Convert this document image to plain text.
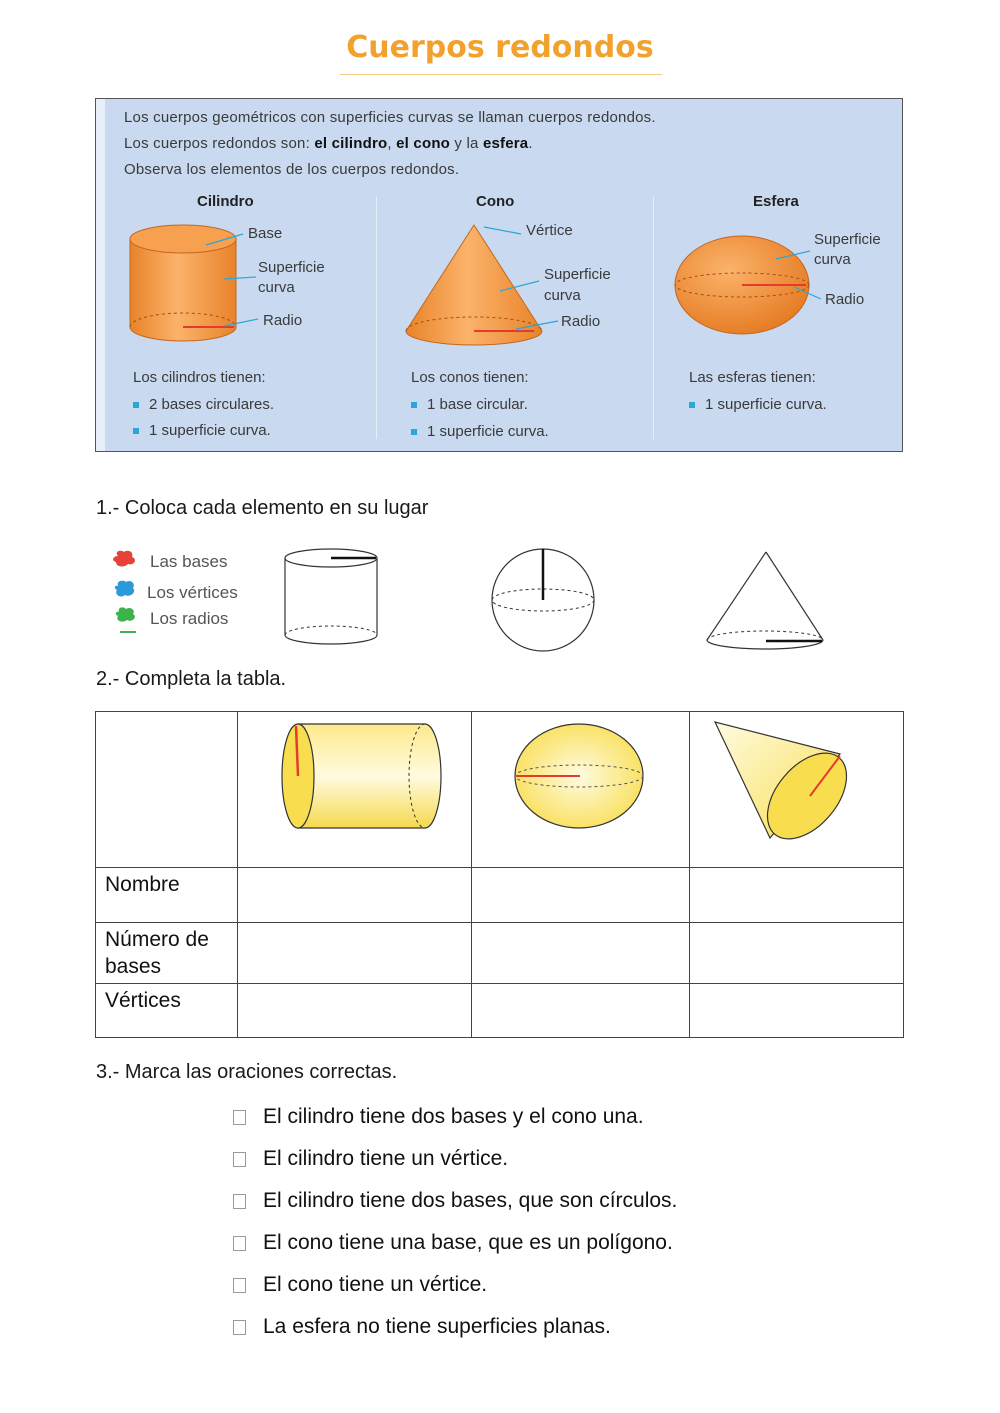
Cuerpos redondos
Los cuerpos geométricos con superficies curvas se llaman cuerpos redondos.
Los cuerpos redondos son: el cilindro, el cono y la esfera.
Observa los elementos de los cuerpos redondos.
Cilindro	Cono	Esfera
Base
Superficie
curva
Radio
Vértice
Superficie
curva
Radio
Superficie
curva
Radio
Los cilindros tienen:
2 bases circulares.
1 superficie curva.
Los conos tienen:
1 base circular.
1 superficie curva.
Las esferas tienen:
1 superficie curva.
1.- Coloca cada elemento en su lugar
Las bases
Los vértices
Los radios
2.- Completa la tabla.

Nombre			
Número de bases			
Vértices			
3.- Marca las oraciones correctas.
El cilindro tiene dos bases y el cono una.
El cilindro tiene un vértice.
El cilindro tiene dos bases, que son círculos.
El cono tiene una base, que es un polígono.
El cono tiene un vértice.
La esfera no tiene superficies planas.
